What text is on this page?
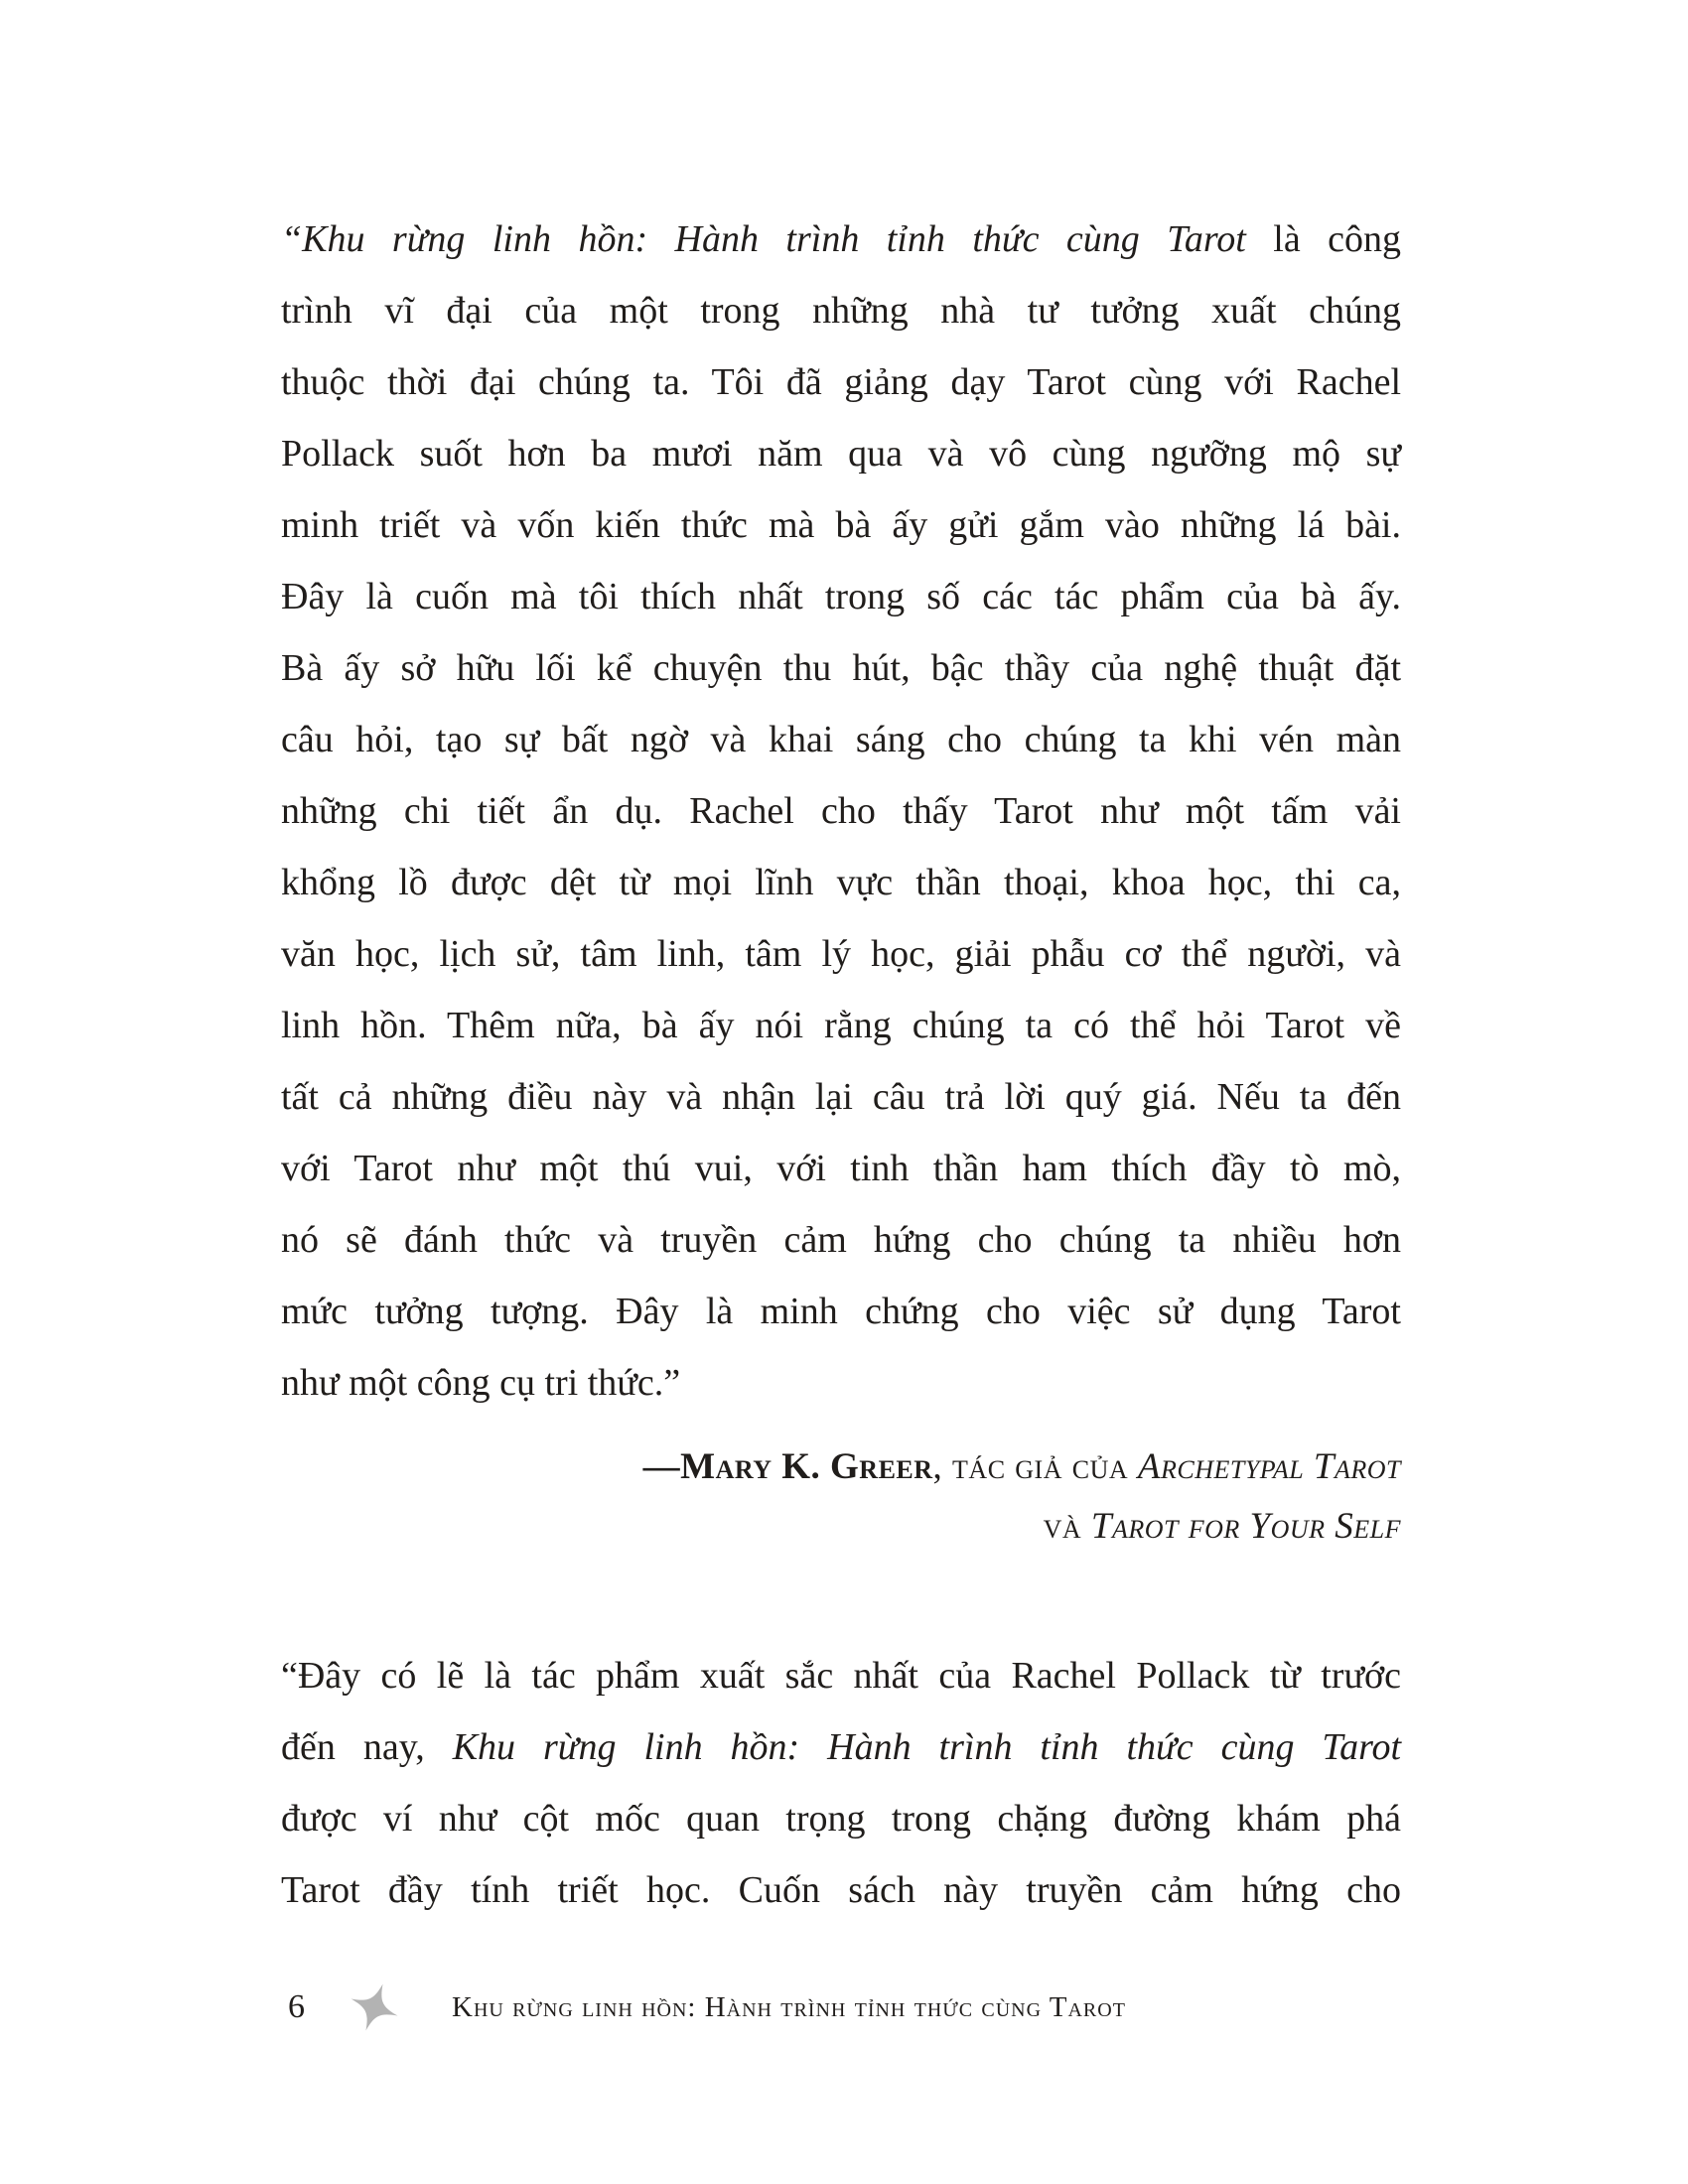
“Khu rừng linh hồn: Hành trình tỉnh thức cùng Tarot là công
trình vĩ đại của một trong những nhà tư tưởng xuất chúng
thuộc thời đại chúng ta. Tôi đã giảng dạy Tarot cùng với Rachel
Pollack suốt hơn ba mươi năm qua và vô cùng ngưỡng mộ sự
minh triết và vốn kiến thức mà bà ấy gửi gắm vào những lá bài.
Đây là cuốn mà tôi thích nhất trong số các tác phẩm của bà ấy.
Bà ấy sở hữu lối kể chuyện thu hút, bậc thầy của nghệ thuật đặt
câu hỏi, tạo sự bất ngờ và khai sáng cho chúng ta khi vén màn
những chi tiết ẩn dụ. Rachel cho thấy Tarot như một tấm vải
khổng lồ được dệt từ mọi lĩnh vực thần thoại, khoa học, thi ca,
văn học, lịch sử, tâm linh, tâm lý học, giải phẫu cơ thể người, và
linh hồn. Thêm nữa, bà ấy nói rằng chúng ta có thể hỏi Tarot về
tất cả những điều này và nhận lại câu trả lời quý giá. Nếu ta đến
với Tarot như một thú vui, với tinh thần ham thích đầy tò mò,
nó sẽ đánh thức và truyền cảm hứng cho chúng ta nhiều hơn
mức tưởng tượng. Đây là minh chứng cho việc sử dụng Tarot
như một công cụ tri thức.”
—Mary K. Greer, tác giả của Archetypal Tarot
và Tarot for Your Self
“Đây có lẽ là tác phẩm xuất sắc nhất của Rachel Pollack từ trước
đến nay, Khu rừng linh hồn: Hành trình tỉnh thức cùng Tarot
được ví như cột mốc quan trọng trong chặng đường khám phá
Tarot đầy tính triết học. Cuốn sách này truyền cảm hứng cho
6	Khu rừng linh hồn: Hành trình tỉnh thức cùng Tarot
